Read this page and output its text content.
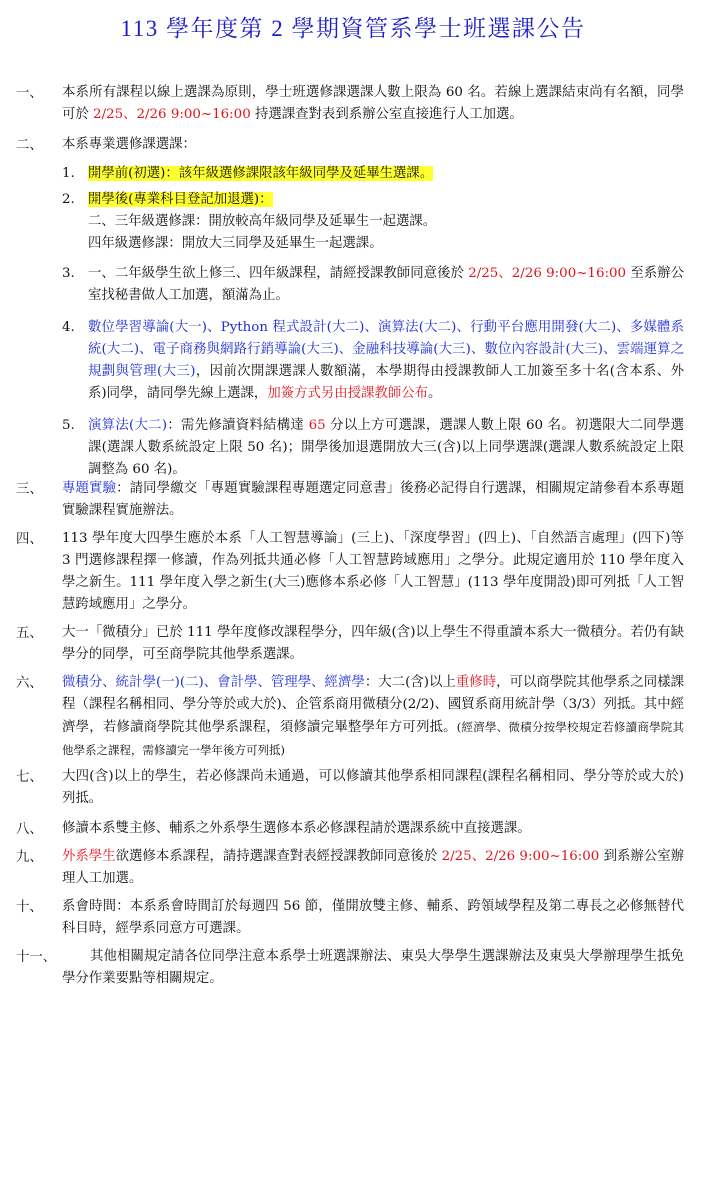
113 學年度第 2 學期資管系學士班選課公告
一、	本系所有課程以線上選課為原則，學士班選修課選課人數上限為 60 名。若線上選課結束尚有名額，同學可於 2/25、2/26 9:00~16:00 持選課查對表到系辦公室直接進行人工加選。
二、	本系專業選修課選課：
1. 開學前(初選)：該年級選修課限該年級同學及延畢生選課。
2. 開學後(專業科目登記加退選)：
二、三年級選修課：開放較高年級同學及延畢生一起選課。
四年級選修課：開放大三同學及延畢生一起選課。
3. 一、二年級學生欲上修三、四年級課程，請經授課教師同意後於 2/25、2/26 9:00~16:00 至系辦公室找秘書做人工加選，額滿為止。
4. 數位學習導論(大一)、Python 程式設計(大二)、演算法(大二)、行動平台應用開發(大二)、多媒體系統(大二)、電子商務與網路行銷導論(大三)、金融科技導論(大三)、數位內容設計(大三)、雲端運算之規劃與管理(大三)，因前次開課選課人數額滿，本學期得由授課教師人工加簽至多十名(含本系、外系)同學，請同學先線上選課，加簽方式另由授課教師公布。
5. 演算法(大二)：需先修讀資料結構達 65 分以上方可選課，選課人數上限 60 名。初選限大二同學選課(選課人數系統設定上限 50 名)；開學後加退選開放大三(含)以上同學選課(選課人數系統設定上限調整為 60 名)。
三、	專題實驗：請同學繳交「專題實驗課程專題選定同意書」後務必記得自行選課，相關規定請參看本系專題實驗課程實施辦法。
四、	113 學年度大四學生應於本系「人工智慧導論」(三上)、「深度學習」(四上)、「自然語言處理」(四下)等 3 門選修課程擇一修讀，作為列抵共通必修「人工智慧跨域應用」之學分。此規定適用於 110 學年度入學之新生。111 學年度入學之新生(大三)應修本系必修「人工智慧」(113 學年度開設)即可列抵「人工智慧跨域應用」之學分。
五、	大一「微積分」已於 111 學年度修改課程學分，四年級(含)以上學生不得重讀本系大一微積分。若仍有缺學分的同學，可至商學院其他學系選課。
六、	微積分、統計學(一)(二)、會計學、管理學、經濟學：大二(含)以上重修時，可以商學院其他學系之同樣課程（課程名稱相同、學分等於或大於)、企管系商用微積分(2/2)、國貿系商用統計學（3/3）列抵。其中經濟學，若修讀商學院其他學系課程，須修讀完畢整學年方可列抵。(經濟學、微積分按學校規定若修讀商學院其他學系之課程，需修讀完一學年後方可列抵)
七、	大四(含)以上的學生，若必修課尚未通過，可以修讀其他學系相同課程(課程名稱相同、學分等於或大於)列抵。
八、	修讀本系雙主修、輔系之外系學生選修本系必修課程請於選課系統中直接選課。
九、	外系學生欲選修本系課程，請持選課查對表經授課教師同意後於 2/25、2/26 9:00~16:00 到系辦公室辦理人工加選。
十、	系會時間：本系系會時間訂於每週四 56 節，僅開放雙主修、輔系、跨領域學程及第二專長之必修無替代科目時，經學系同意方可選課。
十一、	其他相關規定請各位同學注意本系學士班選課辦法、東吳大學學生選課辦法及東吳大學辦理學生抵免學分作業要點等相關規定。
